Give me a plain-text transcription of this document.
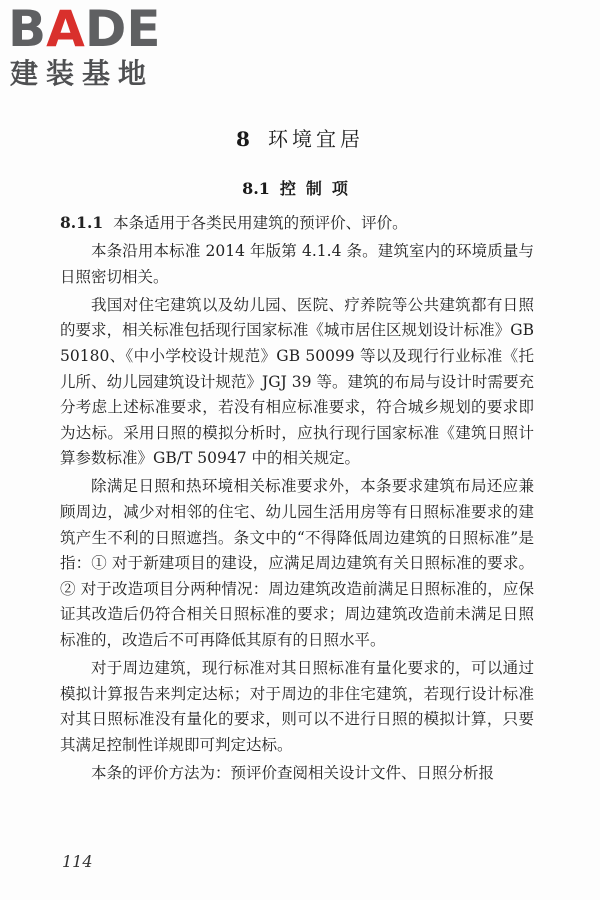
BADE
建装基地
8 环境宜居
8.1 控制项

8.1.1 本条适用于各类民用建筑的预评价、评价。

本条沿用本标准 2014 年版第 4.1.4 条。建筑室内的环境质量与日照密切相关。

我国对住宅建筑以及幼儿园、医院、疗养院等公共建筑都有日照的要求，相关标准包括现行国家标准《城市居住区规划设计标准》GB 50180、《中小学校设计规范》GB 50099 等以及现行行业标准《托儿所、幼儿园建筑设计规范》JGJ 39 等。建筑的布局与设计时需要充分考虑上述标准要求，若没有相应标准要求，符合城乡规划的要求即为达标。采用日照的模拟分析时，应执行现行国家标准《建筑日照计算参数标准》GB/T 50947 中的相关规定。

除满足日照和热环境相关标准要求外，本条要求建筑布局还应兼顾周边，减少对相邻的住宅、幼儿园生活用房等有日照标准要求的建筑产生不利的日照遮挡。条文中的“不得降低周边建筑的日照标准”是指：① 对于新建项目的建设，应满足周边建筑有关日照标准的要求。② 对于改造项目分两种情况：周边建筑改造前满足日照标准的，应保证其改造后仍符合相关日照标准的要求；周边建筑改造前未满足日照标准的，改造后不可再降低其原有的日照水平。

对于周边建筑，现行标准对其日照标准有量化要求的，可以通过模拟计算报告来判定达标；对于周边的非住宅建筑，若现行设计标准对其日照标准没有量化的要求，则可以不进行日照的模拟计算，只要其满足控制性详规即可判定达标。

本条的评价方法为：预评价查阅相关设计文件、日照分析报

114
